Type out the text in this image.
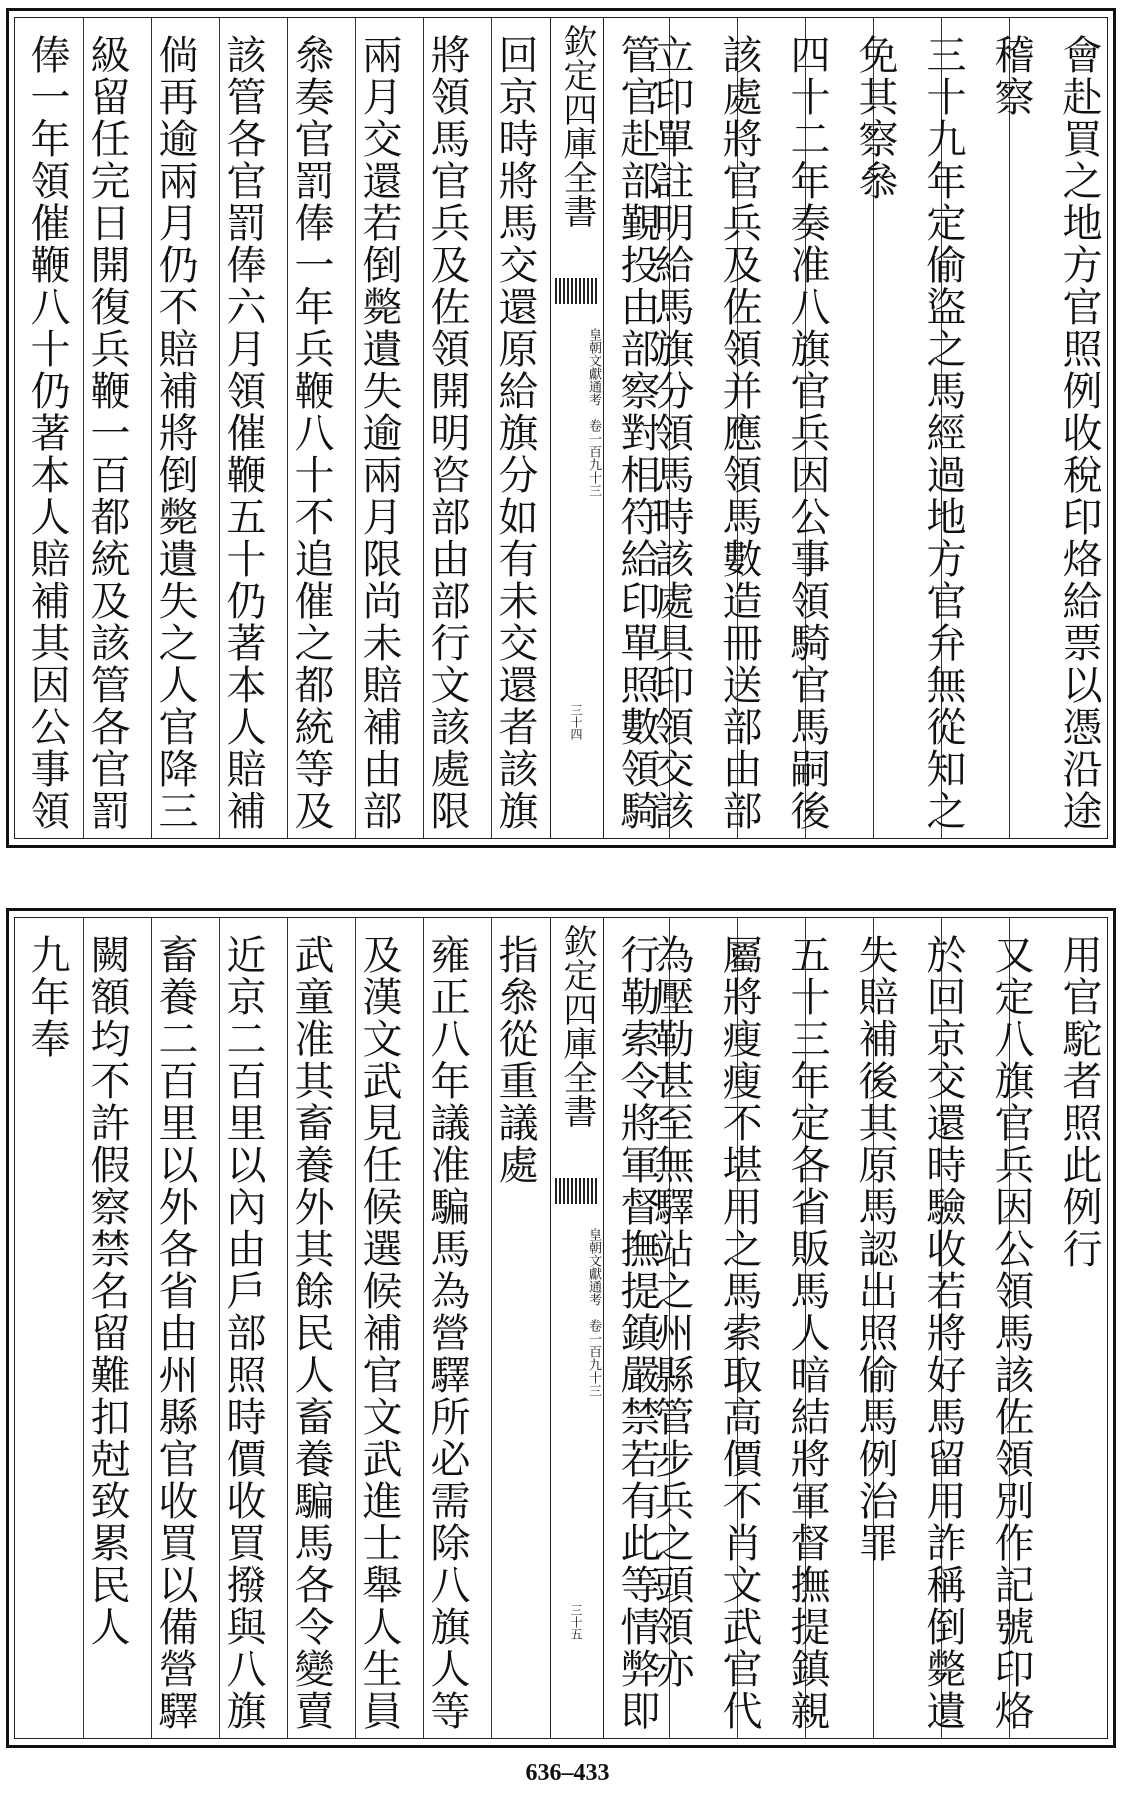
會赴買之地方官照例收稅印烙給票以憑沿途
稽察
三十九年定偷盜之馬經過地方官弁無從知之
免其察叅
四十二年奏准八旗官兵因公事領騎官馬嗣後
該處將官兵及佐領并應領馬數造冊送部由部
立印單註明給馬旗分領馬時該處具印領交該
管官赴部覲投由部察對相符給印單照數領騎
欽定四庫全書
皇朝文獻通考　卷一百九十三
三十四
回京時將馬交還原給旗分如有未交還者該旗
將領馬官兵及佐領開明咨部由部行文該處限
兩月交還若倒斃遺失逾兩月限尚未賠補由部
叅奏官罰俸一年兵鞭八十不追催之都統等及
該管各官罰俸六月領催鞭五十仍著本人賠補
倘再逾兩月仍不賠補將倒斃遺失之人官降三
級留任完日開復兵鞭一百都統及該管各官罰
俸一年領催鞭八十仍著本人賠補其因公事領
用官駝者照此例行
又定八旗官兵因公領馬該佐領別作記號印烙
於回京交還時驗收若將好馬留用詐稱倒斃遺
失賠補後其原馬認出照偷馬例治罪
五十三年定各省販馬人暗結將軍督撫提鎮親
屬將瘦瘦不堪用之馬索取高價不肖文武官代
為壓勒甚至無驛站之州縣管步兵之頭領亦
行勒索令將軍督撫提鎮嚴禁若有此等情弊即
欽定四庫全書
皇朝文獻通考　卷一百九十三
三十五
指叅從重議處
雍正八年議准騙馬為營驛所必需除八旗人等
及漢文武見任候選候補官文武進士舉人生員
武童准其畜養外其餘民人畜養騙馬各令變賣
近京二百里以內由戶部照時價收買撥與八旗
畜養二百里以外各省由州縣官收買以備營驛
闕額均不許假察禁名留難扣尅致累民人
九年奉
636–433
